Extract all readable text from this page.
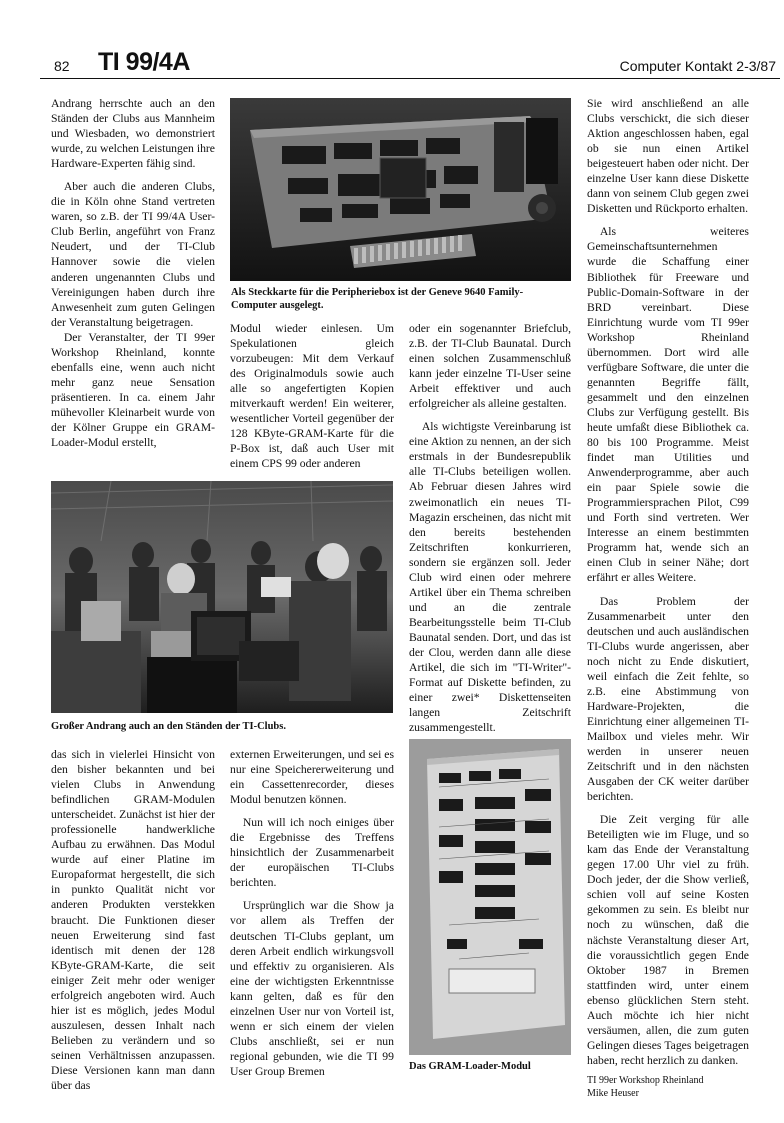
82 TI 99/4A	Computer Kontakt 2-3/87
Als Steckkarte für die Peripheriebox ist der Geneve 9640 Family-Computer ausgelegt.

Andrang herrschte auch an den Ständen der Clubs aus Mannheim und Wiesbaden, wo demonstriert wurde, zu welchen Leistungen ihre Hardware-Experten fähig sind.

Aber auch die anderen Clubs, die in Köln ohne Stand vertreten waren, so z.B. der TI 99/4A User-Club Berlin, angeführt von Franz Neudert, und der TI-Club Hannover sowie die vielen anderen ungenannten Clubs und Vereinigungen haben durch ihre Anwesenheit zum guten Gelingen der Veranstaltung beigetragen.

Der Veranstalter, der TI 99er Workshop Rheinland, konnte ebenfalls eine, wenn auch nicht mehr ganz neue Sensation präsentieren. In ca. einem Jahr mühevoller Kleinarbeit wurde von der Kölner Gruppe ein GRAM-Loader-Modul erstellt,

Modul wieder einlesen. Um Spekulationen gleich vorzubeugen: Mit dem Verkauf des Originalmoduls sowie auch alle so angefertigten Kopien mitverkauft werden! Ein weiterer, wesentlicher Vorteil gegenüber der 128 KByte-GRAM-Karte für die P-Box ist, daß auch User mit einem CPS 99 oder anderen

oder ein sogenannter Briefclub, z.B. der TI-Club Baunatal. Durch einen solchen Zusammenschluß kann jeder einzelne TI-User seine Arbeit effektiver und auch erfolgreicher als alleine gestalten.

Als wichtigste Vereinbarung ist eine Aktion zu nennen, an der sich erstmals in der Bundesrepublik alle TI-Clubs beteiligen wollen. Ab Februar diesen Jahres wird zweimonatlich ein neues TI-Magazin erscheinen, das nicht mit den bereits bestehenden Zeitschriften konkurrieren, sondern sie ergänzen soll. Jeder Club wird einen oder mehrere Artikel über ein Thema schreiben und an die zentrale Bearbeitungsstelle beim TI-Club Baunatal senden. Dort, und das ist der Clou, werden dann alle diese Artikel, die sich im "TI-Writer"-Format auf Diskette befinden, zu einer zwei* Diskettenseiten langen Zeitschrift zusammengestellt.

Großer Andrang auch an den Ständen der TI-Clubs.

das sich in vielerlei Hinsicht von den bisher bekannten und bei vielen Clubs in Anwendung befindlichen GRAM-Modulen unterscheidet. Zunächst ist hier der professionelle handwerkliche Aufbau zu erwähnen. Das Modul wurde auf einer Platine im Europaformat hergestellt, die sich in punkto Qualität nicht vor anderen Produkten verstekken braucht. Die Funktionen dieser neuen Erweiterung sind fast identisch mit denen der 128 KByte-GRAM-Karte, die seit einiger Zeit mehr oder weniger erfolgreich angeboten wird. Auch hier ist es möglich, jedes Modul auszulesen, dessen Inhalt nach Belieben zu verändern und so seinen Verhältnissen anzupassen. Diese Versionen kann man dann über das

externen Erweiterungen, und sei es nur eine Speichererweiterung und ein Cassettenrecorder, dieses Modul benutzen können.

Nun will ich noch einiges über die Ergebnisse des Treffens hinsichtlich der Zusammenarbeit der europäischen TI-Clubs berichten.

Ursprünglich war die Show ja vor allem als Treffen der deutschen TI-Clubs geplant, um deren Arbeit endlich wirkungsvoll und effektiv zu organisieren. Als eine der wichtigsten Erkenntnisse kann gelten, daß es für den einzelnen User nur von Vorteil ist, wenn er sich einem der vielen Clubs anschließt, sei er nun regional gebunden, wie die TI 99 User Group Bremen	Das GRAM-Loader-Modul

Sie wird anschließend an alle Clubs verschickt, die sich dieser Aktion angeschlossen haben, egal ob sie nun einen Artikel beigesteuert haben oder nicht. Der einzelne User kann diese Diskette dann von seinem Club gegen zwei Disketten und Rückporto erhalten.

Als weiteres Gemeinschaftsunternehmen wurde die Schaffung einer Bibliothek für Freeware und Public-Domain-Software in der BRD vereinbart. Diese Einrichtung wurde vom TI 99er Workshop Rheinland übernommen. Dort wird alle verfügbare Software, die unter die genannten Begriffe fällt, gesammelt und den einzelnen Clubs zur Verfügung gestellt. Bis heute umfaßt diese Bibliothek ca. 80 bis 100 Programme. Meist findet man Utilities und Anwenderprogramme, aber auch ein paar Spiele sowie die Programmiersprachen Pilot, C99 und Forth sind vertreten. Wer Interesse an einem bestimmten Programm hat, wende sich an einen Club in seiner Nähe; dort erfährt er alles Weitere.

Das Problem der Zusammenarbeit unter den deutschen und auch ausländischen TI-Clubs wurde angerissen, aber noch nicht zu Ende diskutiert, weil einfach die Zeit fehlte, so z.B. eine Abstimmung von Hardware-Projekten, die Einrichtung einer allgemeinen TI-Mailbox und vieles mehr. Wir werden in unserer neuen Zeitschrift und in den nächsten Ausgaben der CK weiter darüber berichten.

Die Zeit verging für alle Beteiligten wie im Fluge, und so kam das Ende der Veranstaltung gegen 17.00 Uhr viel zu früh. Doch jeder, der die Show verließ, schien voll auf seine Kosten gekommen zu sein. Es bleibt nur noch zu wünschen, daß die nächste Veranstaltung dieser Art, die voraussichtlich gegen Ende Oktober 1987 in Bremen stattfinden wird, unter einem ebenso glücklichen Stern steht. Auch möchte ich hier nicht versäumen, allen, die zum guten Gelingen dieses Tages beigetragen haben, recht herzlich zu danken.

TI 99er Workshop Rheinland

Mike Heuser
